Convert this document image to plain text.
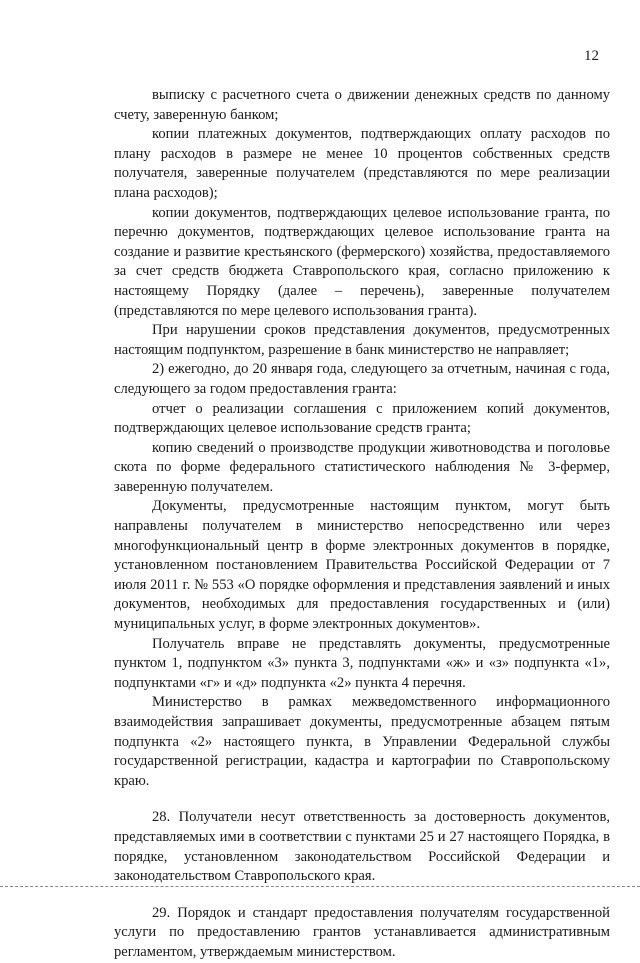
12

выписку с расчетного счета о движении денежных средств по данному счету, заверенную банком;

копии платежных документов, подтверждающих оплату расходов по плану расходов в размере не менее 10 процентов собственных средств получателя, заверенные получателем (представляются по мере реализации плана расходов);

копии документов, подтверждающих целевое использование гранта, по перечню документов, подтверждающих целевое использование гранта на создание и развитие крестьянского (фермерского) хозяйства, предоставляемого за счет средств бюджета Ставропольского края, согласно приложению к настоящему Порядку (далее – перечень), заверенные получателем (представляются по мере целевого использования гранта).

При нарушении сроков представления документов, предусмотренных настоящим подпунктом, разрешение в банк министерство не направляет;

2) ежегодно, до 20 января года, следующего за отчетным, начиная с года, следующего за годом предоставления гранта:

отчет о реализации соглашения с приложением копий документов, подтверждающих целевое использование средств гранта;

копию сведений о производстве продукции животноводства и поголовье скота по форме федерального статистического наблюдения № 3-фермер, заверенную получателем.

Документы, предусмотренные настоящим пунктом, могут быть направлены получателем в министерство непосредственно или через многофункциональный центр в форме электронных документов в порядке, установленном постановлением Правительства Российской Федерации от 7 июля 2011 г. № 553 «О порядке оформления и представления заявлений и иных документов, необходимых для предоставления государственных и (или) муниципальных услуг, в форме электронных документов».

Получатель вправе не представлять документы, предусмотренные пунктом 1, подпунктом «3» пункта 3, подпунктами «ж» и «з» подпункта «1», подпунктами «г» и «д» подпункта «2» пункта 4 перечня.

Министерство в рамках межведомственного информационного взаимодействия запрашивает документы, предусмотренные абзацем пятым подпункта «2» настоящего пункта, в Управлении Федеральной службы государственной регистрации, кадастра и картографии по Ставропольскому краю.

28. Получатели несут ответственность за достоверность документов, представляемых ими в соответствии с пунктами 25 и 27 настоящего Порядка, в порядке, установленном законодательством Российской Федерации и законодательством Ставропольского края.

29. Порядок и стандарт предоставления получателям государственной услуги по предоставлению грантов устанавливается административным регламентом, утверждаемым министерством.
